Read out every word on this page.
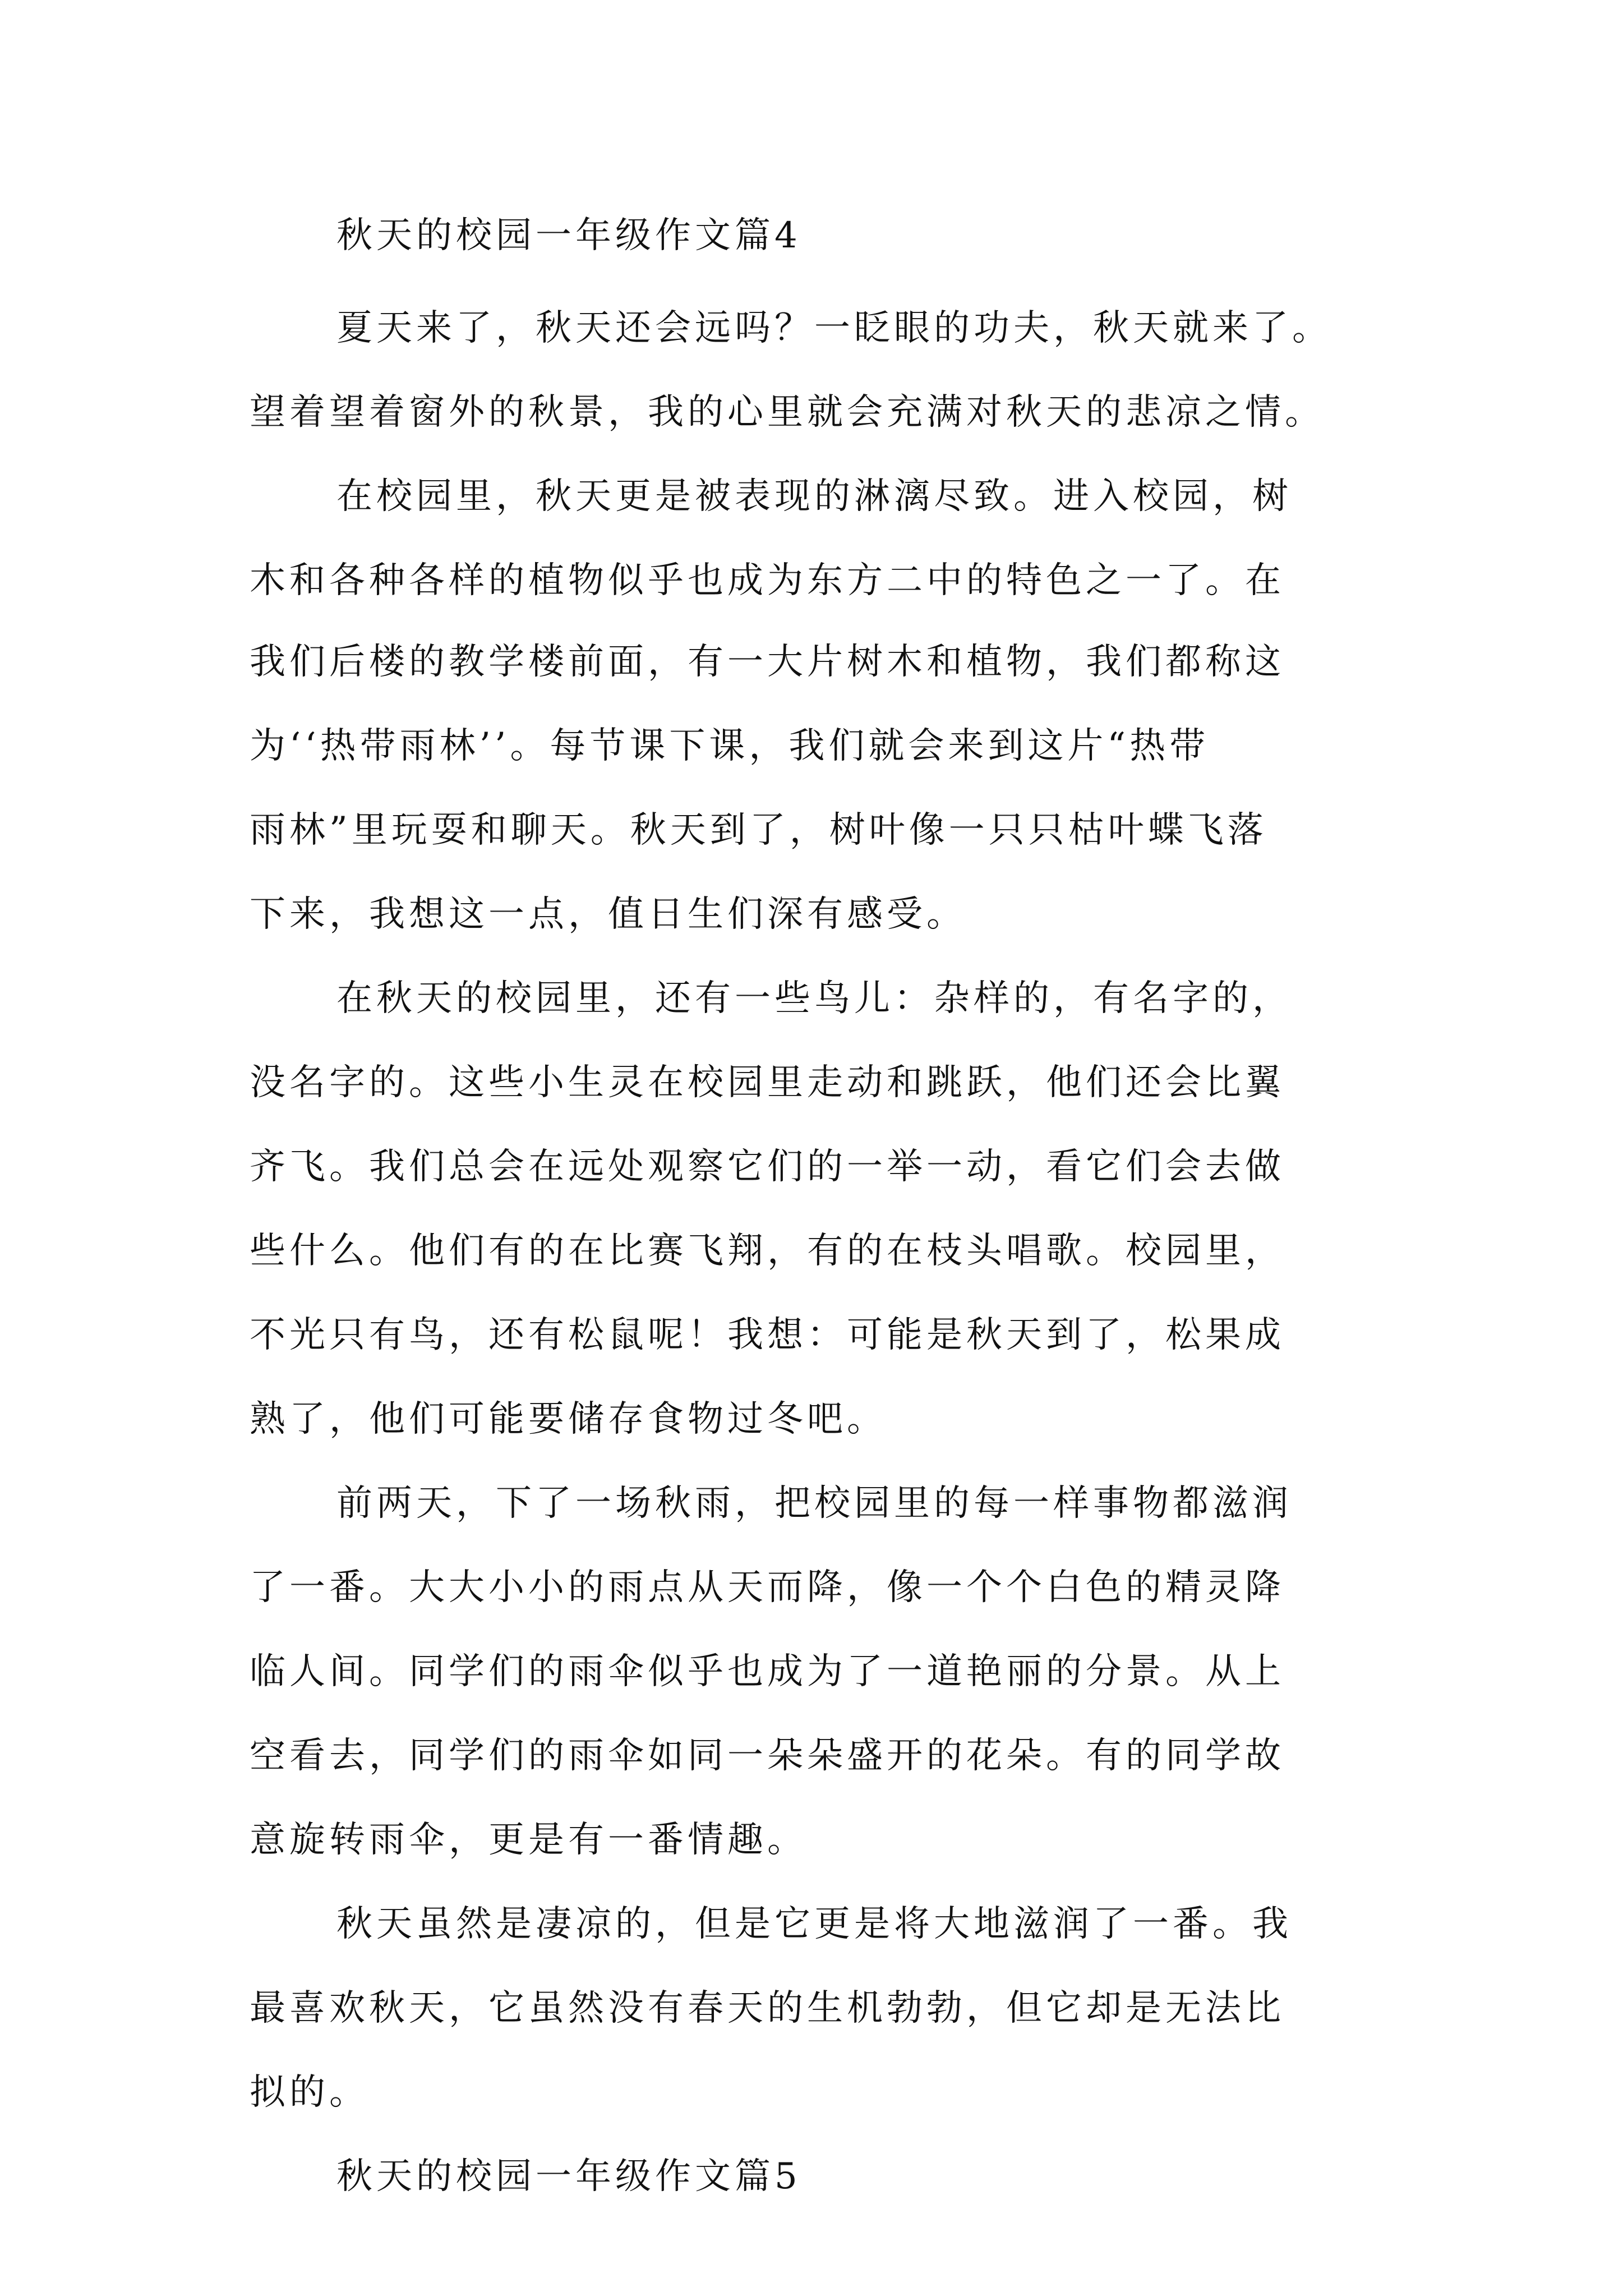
秋天的校园一年级作文篇4

夏天来了，秋天还会远吗？一眨眼的功夫，秋天就来了。

望着望着窗外的秋景，我的心里就会充满对秋天的悲凉之情。

在校园里，秋天更是被表现的淋漓尽致。进入校园，树

木和各种各样的植物似乎也成为东方二中的特色之一了。在

我们后楼的教学楼前面，有一大片树木和植物，我们都称这

为‘‘热带雨林’’。每节课下课，我们就会来到这片“热带

雨林”里玩耍和聊天。秋天到了，树叶像一只只枯叶蝶飞落

下来，我想这一点，值日生们深有感受。

在秋天的校园里，还有一些鸟儿：杂样的，有名字的，

没名字的。这些小生灵在校园里走动和跳跃，他们还会比翼

齐飞。我们总会在远处观察它们的一举一动，看它们会去做

些什么。他们有的在比赛飞翔，有的在枝头唱歌。校园里，

不光只有鸟，还有松鼠呢！我想：可能是秋天到了，松果成

熟了，他们可能要储存食物过冬吧。

前两天，下了一场秋雨，把校园里的每一样事物都滋润

了一番。大大小小的雨点从天而降，像一个个白色的精灵降

临人间。同学们的雨伞似乎也成为了一道艳丽的分景。从上

空看去，同学们的雨伞如同一朵朵盛开的花朵。有的同学故

意旋转雨伞，更是有一番情趣。

秋天虽然是凄凉的，但是它更是将大地滋润了一番。我

最喜欢秋天，它虽然没有春天的生机勃勃，但它却是无法比

拟的。

秋天的校园一年级作文篇5
